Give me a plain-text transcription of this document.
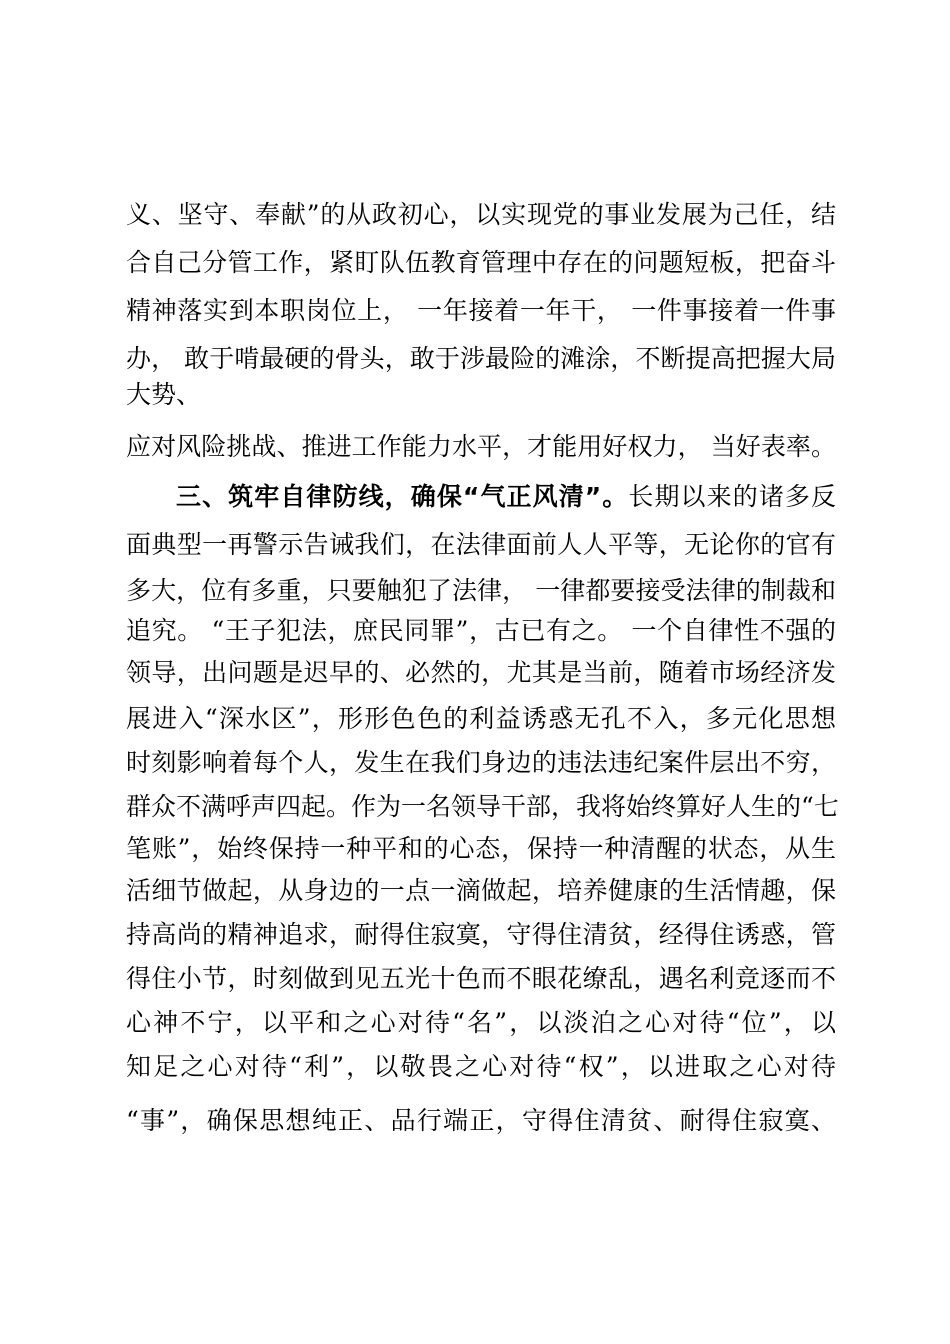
义、坚守、奉献”的从政初心，以实现党的事业发展为己任，结
合自己分管工作，紧盯队伍教育管理中存在的问题短板，把奋斗
精神落实到本职岗位上， 一年接着一年干， 一件事接着一件事
办， 敢于啃最硬的骨头，敢于涉最险的滩涂，不断提高把握大局
大势、
应对风险挑战、推进工作能力水平，才能用好权力， 当好表率。
三、筑牢自律防线，确保“气正风清”。长期以来的诸多反
面典型一再警示告诫我们，在法律面前人人平等，无论你的官有
多大，位有多重，只要触犯了法律， 一律都要接受法律的制裁和
追究。 “王子犯法，庶民同罪”，古已有之。 一个自律性不强的
领导，出问题是迟早的、必然的，尤其是当前，随着市场经济发
展进入“深水区”，形形色色的利益诱惑无孔不入，多元化思想
时刻影响着每个人，发生在我们身边的违法违纪案件层出不穷，
群众不满呼声四起。作为一名领导干部，我将始终算好人生的“七
笔账”，始终保持一种平和的心态，保持一种清醒的状态，从生
活细节做起，从身边的一点一滴做起，培养健康的生活情趣，保
持高尚的精神追求，耐得住寂寞，守得住清贫，经得住诱惑，管
得住小节，时刻做到见五光十色而不眼花缭乱，遇名利竞逐而不
心神不宁，以平和之心对待“名”，以淡泊之心对待“位”，以
知足之心对待“利”，以敬畏之心对待“权”，以进取之心对待
“事”，确保思想纯正、品行端正，守得住清贫、耐得住寂寞、
